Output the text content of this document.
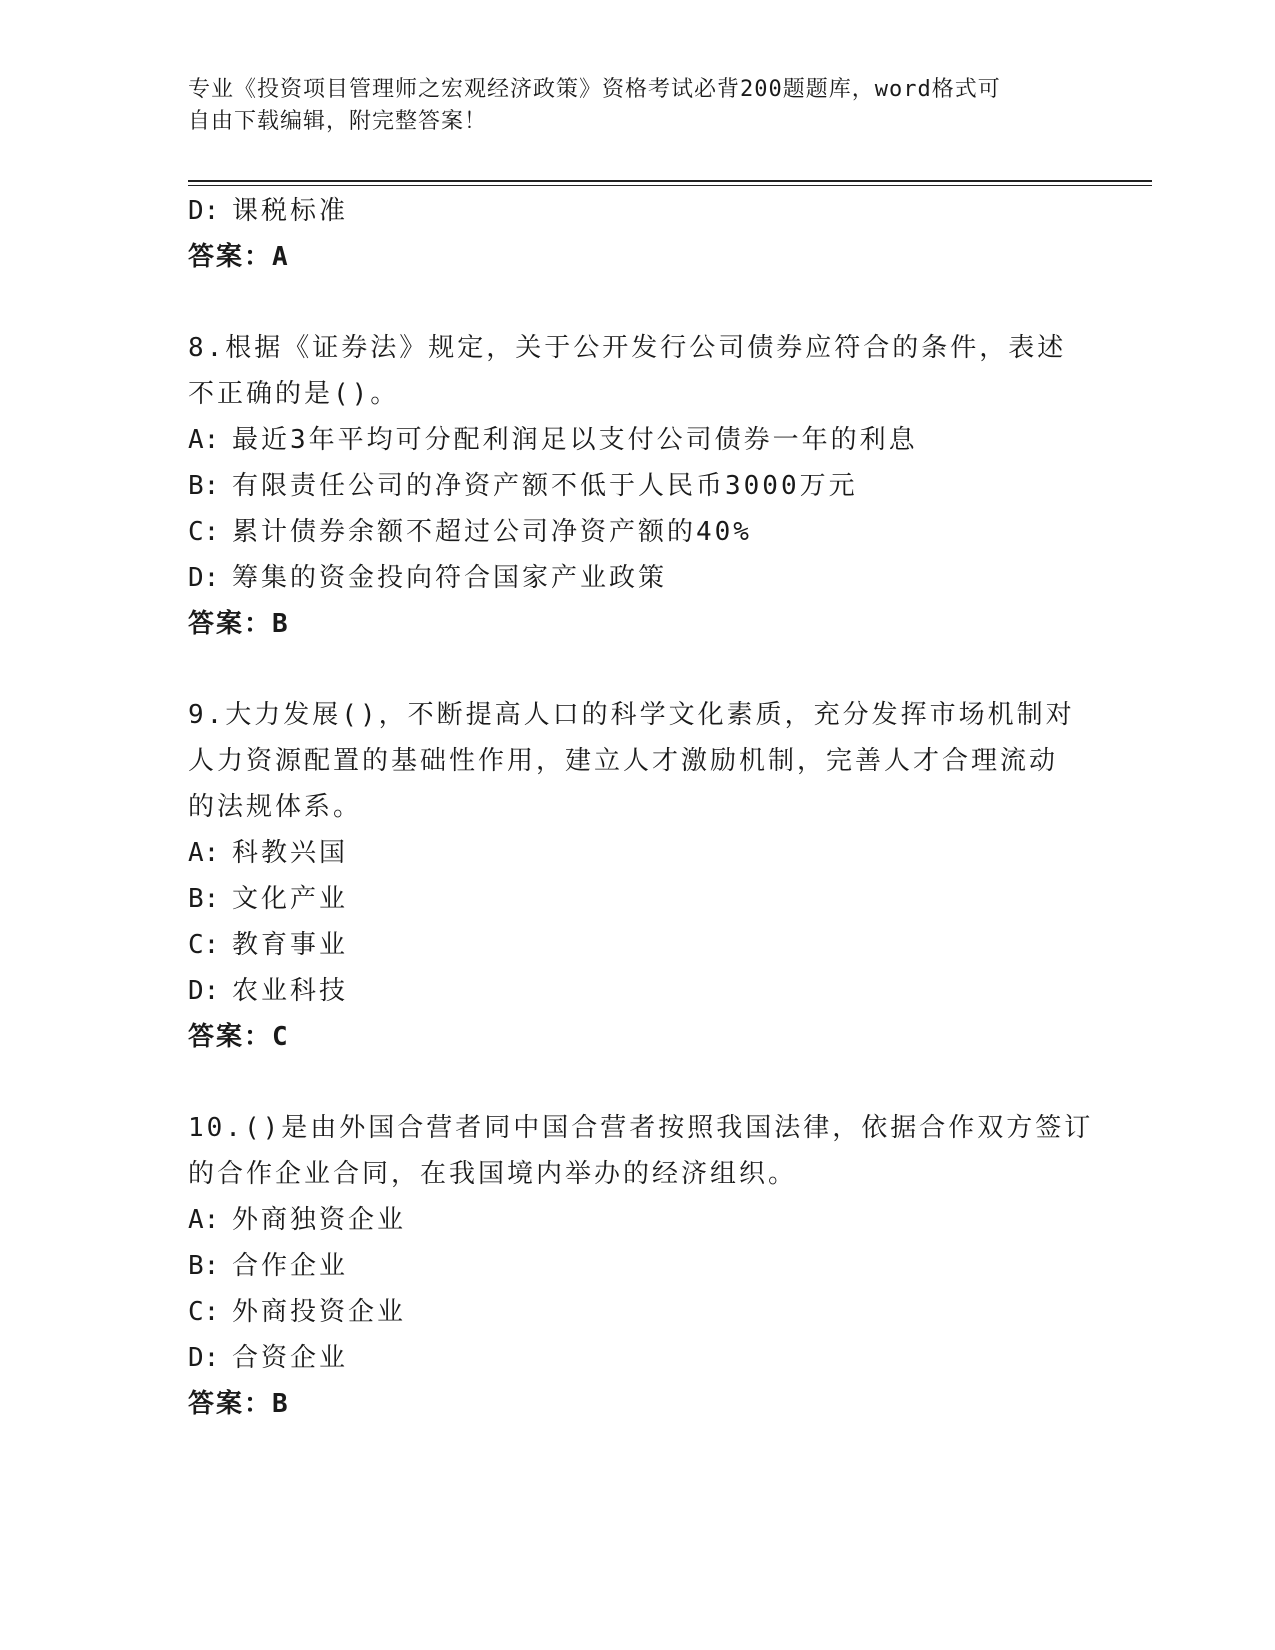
专业《投资项目管理师之宏观经济政策》资格考试必背200题题库，word格式可
自由下载编辑，附完整答案！
D: 课税标准
答案：A
8.根据《证券法》规定，关于公开发行公司债券应符合的条件，表述
不正确的是()。
A: 最近3年平均可分配利润足以支付公司债券一年的利息
B: 有限责任公司的净资产额不低于人民币3000万元
C: 累计债券余额不超过公司净资产额的40%
D: 筹集的资金投向符合国家产业政策
答案：B
9.大力发展()，不断提高人口的科学文化素质，充分发挥市场机制对
人力资源配置的基础性作用，建立人才激励机制，完善人才合理流动
的法规体系。
A: 科教兴国
B: 文化产业
C: 教育事业
D: 农业科技
答案：C
10.()是由外国合营者同中国合营者按照我国法律，依据合作双方签订
的合作企业合同，在我国境内举办的经济组织。
A: 外商独资企业
B: 合作企业
C: 外商投资企业
D: 合资企业
答案：B
